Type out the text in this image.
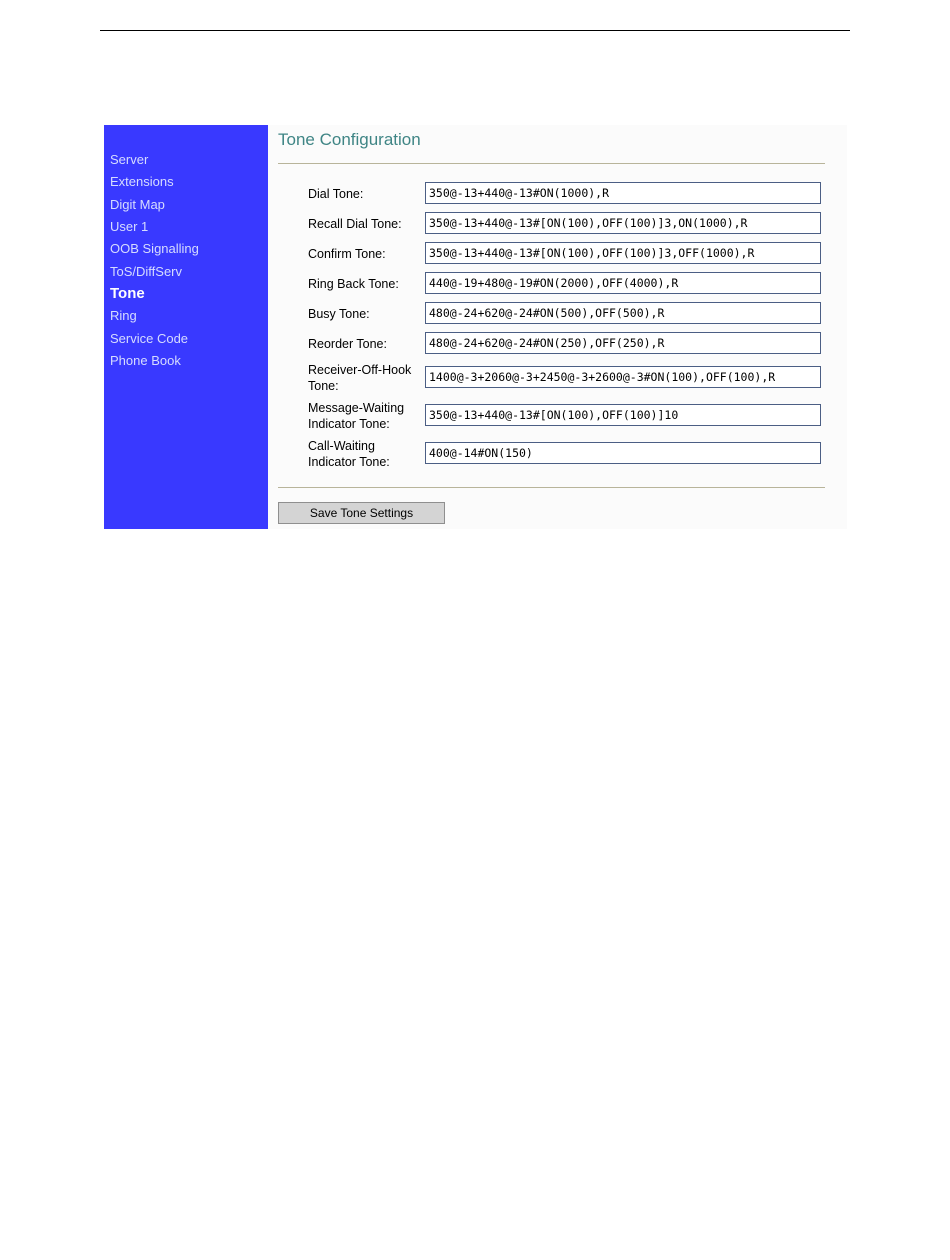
Server
Extensions
Digit Map
User 1
OOB Signalling
ToS/DiffServ
Tone
Ring
Service Code
Phone Book
Tone Configuration
Dial Tone:	350@-13+440@-13#ON(1000),R
Recall Dial Tone:	350@-13+440@-13#[ON(100),OFF(100)]3,ON(1000),R
Confirm Tone:	350@-13+440@-13#[ON(100),OFF(100)]3,OFF(1000),R
Ring Back Tone:	440@-19+480@-19#ON(2000),OFF(4000),R
Busy Tone:	480@-24+620@-24#ON(500),OFF(500),R
Reorder Tone:	480@-24+620@-24#ON(250),OFF(250),R
Receiver-Off-Hook Tone:
1400@-3+2060@-3+2450@-3+2600@-3#ON(100),OFF(100),R
Message-Waiting Indicator Tone:
350@-13+440@-13#[ON(100),OFF(100)]10
Call-Waiting Indicator Tone:
400@-14#ON(150)
Save Tone Settings
